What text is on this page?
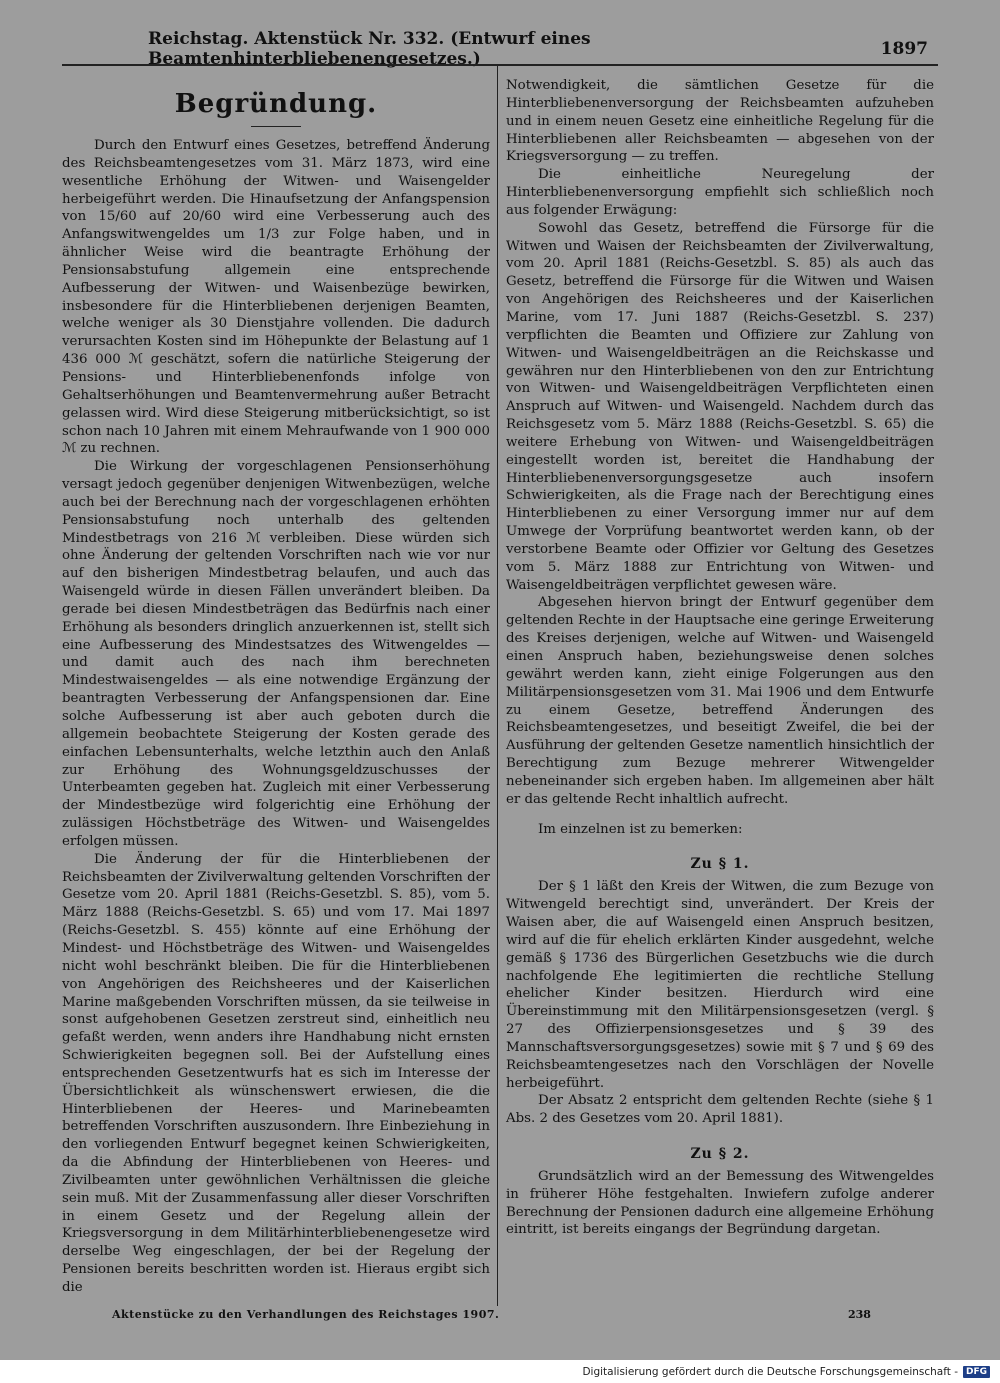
Reichstag. Aktenstück Nr. 332. (Entwurf eines Beamtenhinterbliebenengesetzes.)	1897
Begründung.

Durch den Entwurf eines Gesetzes, betreffend Änderung des Reichsbeamtengesetzes vom 31. März 1873, wird eine wesentliche Erhöhung der Witwen- und Waisengelder herbeigeführt werden. Die Hinaufsetzung der Anfangspension von 15/60 auf 20/60 wird eine Verbesserung auch des Anfangswitwengeldes um 1/3 zur Folge haben, und in ähnlicher Weise wird die beantragte Erhöhung der Pensionsabstufung allgemein eine entsprechende Aufbesserung der Witwen- und Waisenbezüge bewirken, insbesondere für die Hinterbliebenen derjenigen Beamten, welche weniger als 30 Dienstjahre vollenden. Die dadurch verursachten Kosten sind im Höhepunkte der Belastung auf 1 436 000 ℳ geschätzt, sofern die natürliche Steigerung der Pensions- und Hinterbliebenenfonds infolge von Gehaltserhöhungen und Beamtenvermehrung außer Betracht gelassen wird. Wird diese Steigerung mitberücksichtigt, so ist schon nach 10 Jahren mit einem Mehraufwande von 1 900 000 ℳ zu rechnen.

Die Wirkung der vorgeschlagenen Pensionserhöhung versagt jedoch gegenüber denjenigen Witwenbezügen, welche auch bei der Berechnung nach der vorgeschlagenen erhöhten Pensionsabstufung noch unterhalb des geltenden Mindestbetrags von 216 ℳ verbleiben. Diese würden sich ohne Änderung der geltenden Vorschriften nach wie vor nur auf den bisherigen Mindestbetrag belaufen, und auch das Waisengeld würde in diesen Fällen unverändert bleiben. Da gerade bei diesen Mindestbeträgen das Bedürfnis nach einer Erhöhung als besonders dringlich anzuerkennen ist, stellt sich eine Aufbesserung des Mindestsatzes des Witwengeldes — und damit auch des nach ihm berechneten Mindestwaisengeldes — als eine notwendige Ergänzung der beantragten Verbesserung der Anfangspensionen dar. Eine solche Aufbesserung ist aber auch geboten durch die allgemein beobachtete Steigerung der Kosten gerade des einfachen Lebensunterhalts, welche letzthin auch den Anlaß zur Erhöhung des Wohnungsgeldzuschusses der Unterbeamten gegeben hat. Zugleich mit einer Verbesserung der Mindestbezüge wird folgerichtig eine Erhöhung der zulässigen Höchstbeträge des Witwen- und Waisengeldes erfolgen müssen.

Die Änderung der für die Hinterbliebenen der Reichsbeamten der Zivilverwaltung geltenden Vorschriften der Gesetze vom 20. April 1881 (Reichs-Gesetzbl. S. 85), vom 5. März 1888 (Reichs-Gesetzbl. S. 65) und vom 17. Mai 1897 (Reichs-Gesetzbl. S. 455) könnte auf eine Erhöhung der Mindest- und Höchstbeträge des Witwen- und Waisengeldes nicht wohl beschränkt bleiben. Die für die Hinterbliebenen von Angehörigen des Reichsheeres und der Kaiserlichen Marine maßgebenden Vorschriften müssen, da sie teilweise in sonst aufgehobenen Gesetzen zerstreut sind, einheitlich neu gefaßt werden, wenn anders ihre Handhabung nicht ernsten Schwierigkeiten begegnen soll. Bei der Aufstellung eines entsprechenden Gesetzentwurfs hat es sich im Interesse der Übersichtlichkeit als wünschenswert erwiesen, die die Hinterbliebenen der Heeres- und Marinebeamten betreffenden Vorschriften auszusondern. Ihre Einbeziehung in den vorliegenden Entwurf begegnet keinen Schwierigkeiten, da die Abfindung der Hinterbliebenen von Heeres- und Zivilbeamten unter gewöhnlichen Verhältnissen die gleiche sein muß. Mit der Zusammenfassung aller dieser Vorschriften in einem Gesetz und der Regelung allein der Kriegsversorgung in dem Militärhinterbliebenengesetze wird derselbe Weg eingeschlagen, der bei der Regelung der Pensionen bereits beschritten worden ist. Hieraus ergibt sich die

Notwendigkeit, die sämtlichen Gesetze für die Hinterbliebenenversorgung der Reichsbeamten aufzuheben und in einem neuen Gesetz eine einheitliche Regelung für die Hinterbliebenen aller Reichsbeamten — abgesehen von der Kriegsversorgung — zu treffen.

Die einheitliche Neuregelung der Hinterbliebenenversorgung empfiehlt sich schließlich noch aus folgender Erwägung:

Sowohl das Gesetz, betreffend die Fürsorge für die Witwen und Waisen der Reichsbeamten der Zivilverwaltung, vom 20. April 1881 (Reichs-Gesetzbl. S. 85) als auch das Gesetz, betreffend die Fürsorge für die Witwen und Waisen von Angehörigen des Reichsheeres und der Kaiserlichen Marine, vom 17. Juni 1887 (Reichs-Gesetzbl. S. 237) verpflichten die Beamten und Offiziere zur Zahlung von Witwen- und Waisengeldbeiträgen an die Reichskasse und gewähren nur den Hinterbliebenen von den zur Entrichtung von Witwen- und Waisengeldbeiträgen Verpflichteten einen Anspruch auf Witwen- und Waisengeld. Nachdem durch das Reichsgesetz vom 5. März 1888 (Reichs-Gesetzbl. S. 65) die weitere Erhebung von Witwen- und Waisengeldbeiträgen eingestellt worden ist, bereitet die Handhabung der Hinterbliebenenversorgungsgesetze auch insofern Schwierigkeiten, als die Frage nach der Berechtigung eines Hinterbliebenen zu einer Versorgung immer nur auf dem Umwege der Vorprüfung beantwortet werden kann, ob der verstorbene Beamte oder Offizier vor Geltung des Gesetzes vom 5. März 1888 zur Entrichtung von Witwen- und Waisengeldbeiträgen verpflichtet gewesen wäre.

Abgesehen hiervon bringt der Entwurf gegenüber dem geltenden Rechte in der Hauptsache eine geringe Erweiterung des Kreises derjenigen, welche auf Witwen- und Waisengeld einen Anspruch haben, beziehungsweise denen solches gewährt werden kann, zieht einige Folgerungen aus den Militärpensionsgesetzen vom 31. Mai 1906 und dem Entwurfe zu einem Gesetze, betreffend Änderungen des Reichsbeamtengesetzes, und beseitigt Zweifel, die bei der Ausführung der geltenden Gesetze namentlich hinsichtlich der Berechtigung zum Bezuge mehrerer Witwengelder nebeneinander sich ergeben haben. Im allgemeinen aber hält er das geltende Recht inhaltlich aufrecht.

Im einzelnen ist zu bemerken:

Zu § 1.

Der § 1 läßt den Kreis der Witwen, die zum Bezuge von Witwengeld berechtigt sind, unverändert. Der Kreis der Waisen aber, die auf Waisengeld einen Anspruch besitzen, wird auf die für ehelich erklärten Kinder ausgedehnt, welche gemäß § 1736 des Bürgerlichen Gesetzbuchs wie die durch nachfolgende Ehe legitimierten die rechtliche Stellung ehelicher Kinder besitzen. Hierdurch wird eine Übereinstimmung mit den Militärpensionsgesetzen (vergl. § 27 des Offizierpensionsgesetzes und § 39 des Mannschaftsversorgungsgesetzes) sowie mit § 7 und § 69 des Reichsbeamtengesetzes nach den Vorschlägen der Novelle herbeigeführt.

Der Absatz 2 entspricht dem geltenden Rechte (siehe § 1 Abs. 2 des Gesetzes vom 20. April 1881).

Zu § 2.

Grundsätzlich wird an der Bemessung des Witwengeldes in früherer Höhe festgehalten. Inwiefern zufolge anderer Berechnung der Pensionen dadurch eine allgemeine Erhöhung eintritt, ist bereits eingangs der Begründung dargetan.

Aktenstücke zu den Verhandlungen des Reichstages 1907.	238
Digitalisierung gefördert durch die Deutsche Forschungsgemeinschaft - DFG
